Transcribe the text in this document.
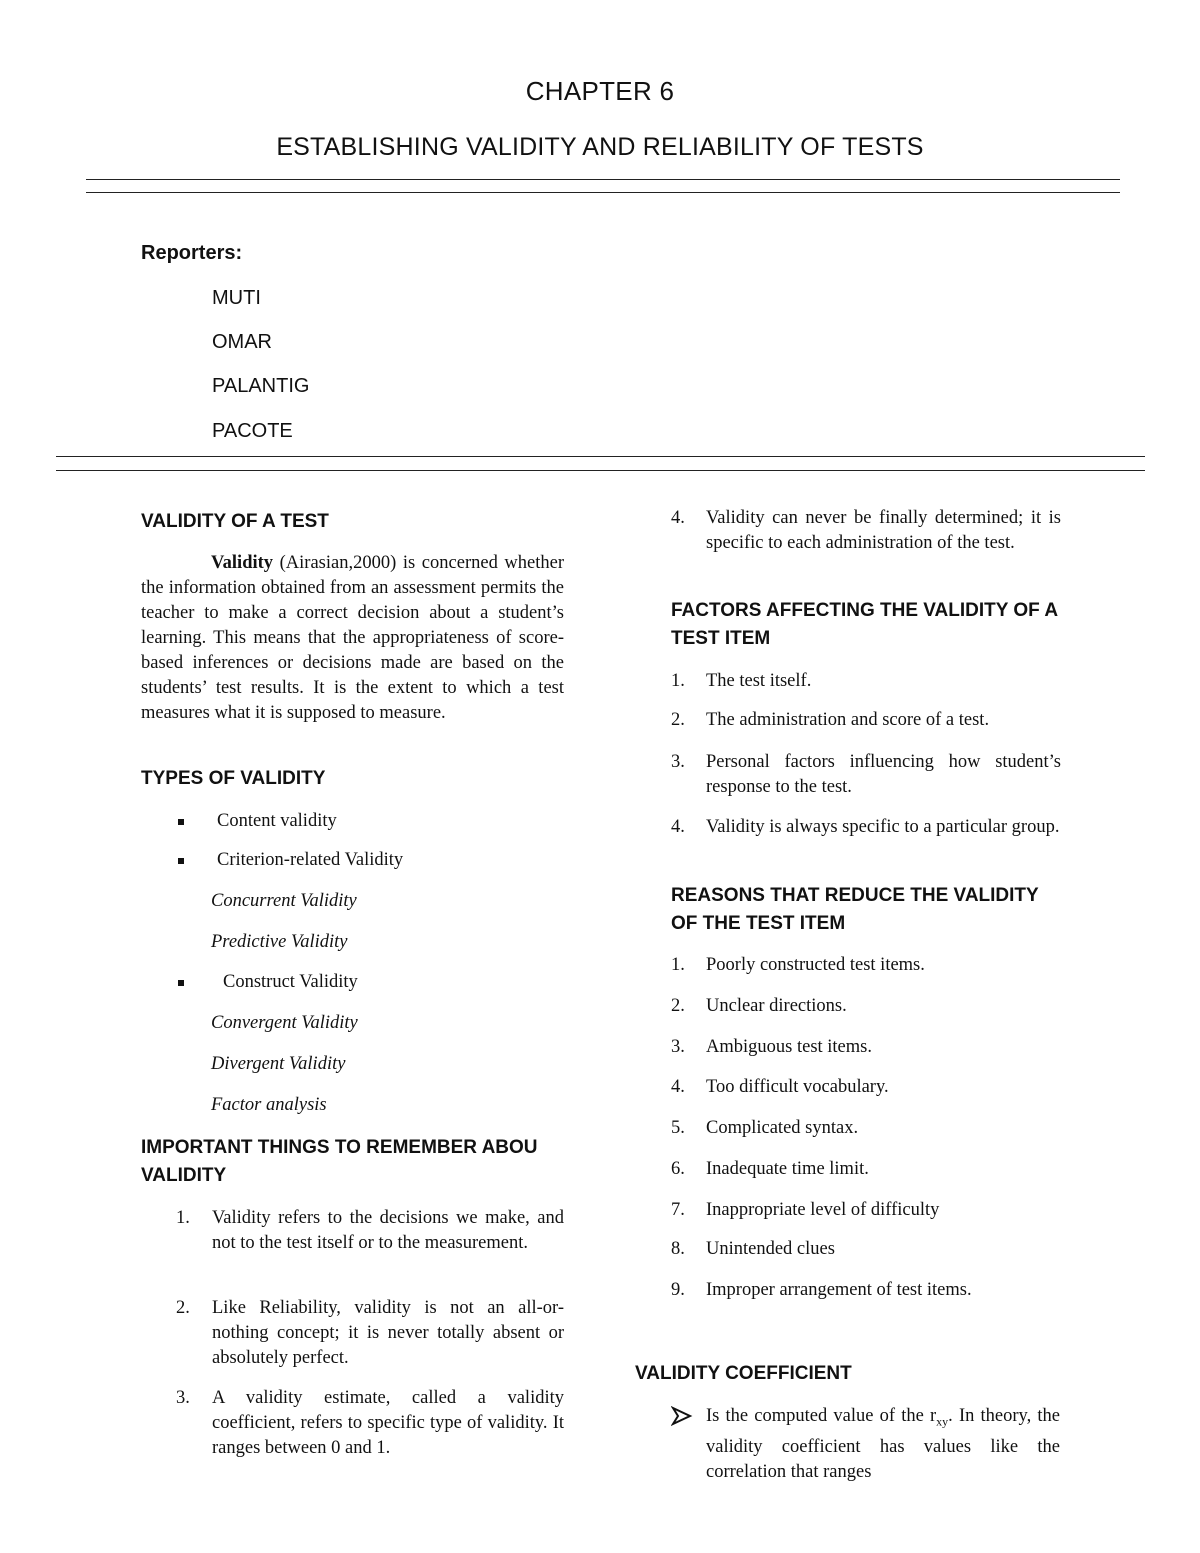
CHAPTER 6
ESTABLISHING VALIDITY AND RELIABILITY OF TESTS
Reporters:
MUTI
OMAR
PALANTIG
PACOTE
VALIDITY OF A TEST
Validity (Airasian,2000) is concerned whether the information obtained from an assessment permits the teacher to make a correct decision about a student’s learning. This means that the appropriateness of score-based inferences or decisions made are based on the students’ test results. It is the extent to which a test measures what it is supposed to measure.
TYPES OF VALIDITY
Content validity
Criterion-related Validity
Concurrent Validity
Predictive Validity
Construct Validity
Convergent Validity
Divergent Validity
Factor analysis
IMPORTANT THINGS TO REMEMBER ABOU VALIDITY
1.	Validity refers to the decisions we make, and not to the test itself or to the measurement.
2.	Like Reliability, validity is not an all-or-nothing concept; it is never totally absent or absolutely perfect.
3.	A validity estimate, called a validity coefficient, refers to specific type of validity. It ranges between 0 and 1.
4.	Validity can never be finally determined; it is specific to each administration of the test.
FACTORS AFFECTING THE VALIDITY OF A TEST ITEM
1.	The test itself.
2.	The administration and score of a test.
3.	Personal factors influencing how student’s response to the test.
4.	Validity is always specific to a particular group.
REASONS THAT REDUCE THE VALIDITY OF THE TEST ITEM
1.	Poorly constructed test items.
2.	Unclear directions.
3.	Ambiguous test items.
4.	Too difficult vocabulary.
5.	Complicated syntax.
6.	Inadequate time limit.
7.	Inappropriate level of difficulty
8.	Unintended clues
9.	Improper arrangement of test items.
VALIDITY COEFFICIENT
Is the computed value of the $r_{xy}$. In theory, the validity coefficient has values like the correlation that ranges
